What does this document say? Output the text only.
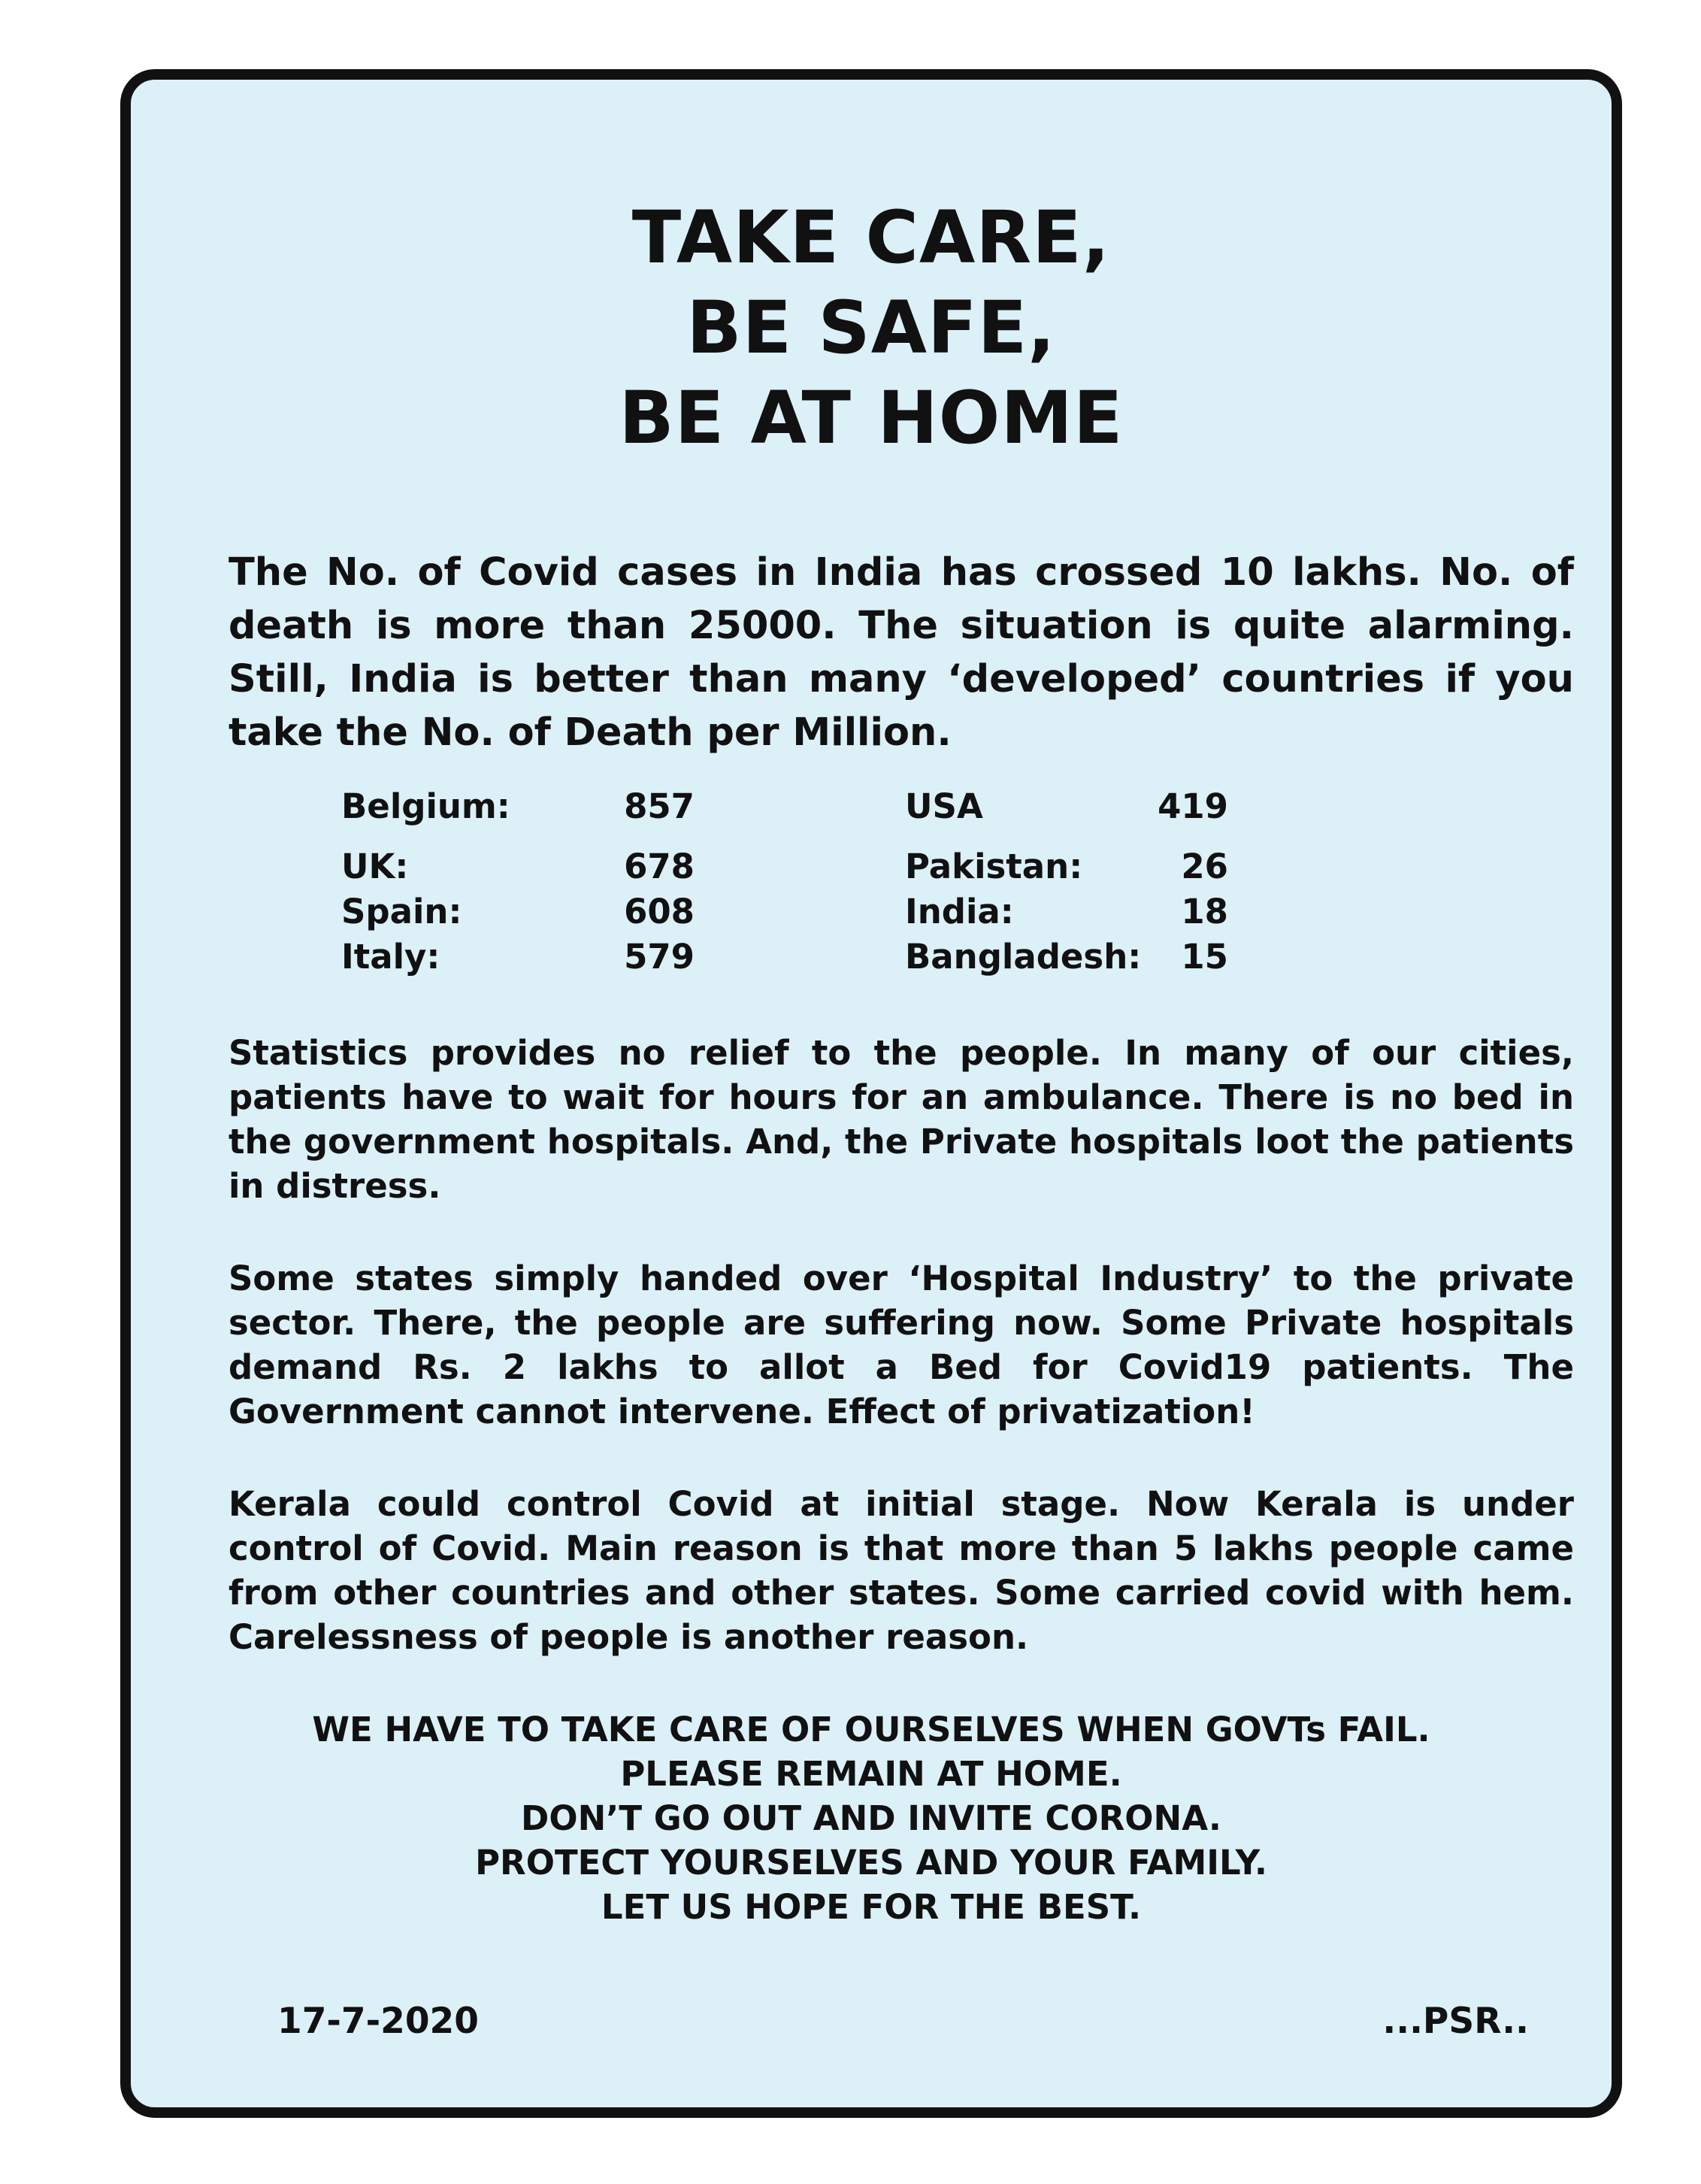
TAKE CARE,
BE SAFE,
BE AT HOME

The No. of Covid cases in India has crossed 10 lakhs. No. of death is more than 25000. The situation is quite alarming. Still, India is better than many ‘developed’ countries if you take the No. of Death per Million.

Belgium:	857	USA	419
UK:	678	Pakistan:	26
Spain:	608	India:	18
Italy:	579	Bangladesh:	15

Statistics provides no relief to the people. In many of our cities, patients have to wait for hours for an ambulance. There is no bed in the government hospitals. And, the Private hospitals loot the patients in distress.

Some states simply handed over ‘Hospital Industry’ to the private sector. There, the people are suffering now. Some Private hospitals demand Rs. 2 lakhs to allot a Bed for Covid19 patients. The Government cannot intervene. Effect of privatization!

Kerala could control Covid at initial stage. Now Kerala is under control of Covid. Main reason is that more than 5 lakhs people came from other countries and other states. Some carried covid with hem. Carelessness of people is another reason.

WE HAVE TO TAKE CARE OF OURSELVES WHEN GOVTs FAIL.
PLEASE REMAIN AT HOME.
DON’T GO OUT AND INVITE CORONA.
PROTECT YOURSELVES AND YOUR FAMILY.
LET US HOPE FOR THE BEST.
17-7-2020	...PSR..
